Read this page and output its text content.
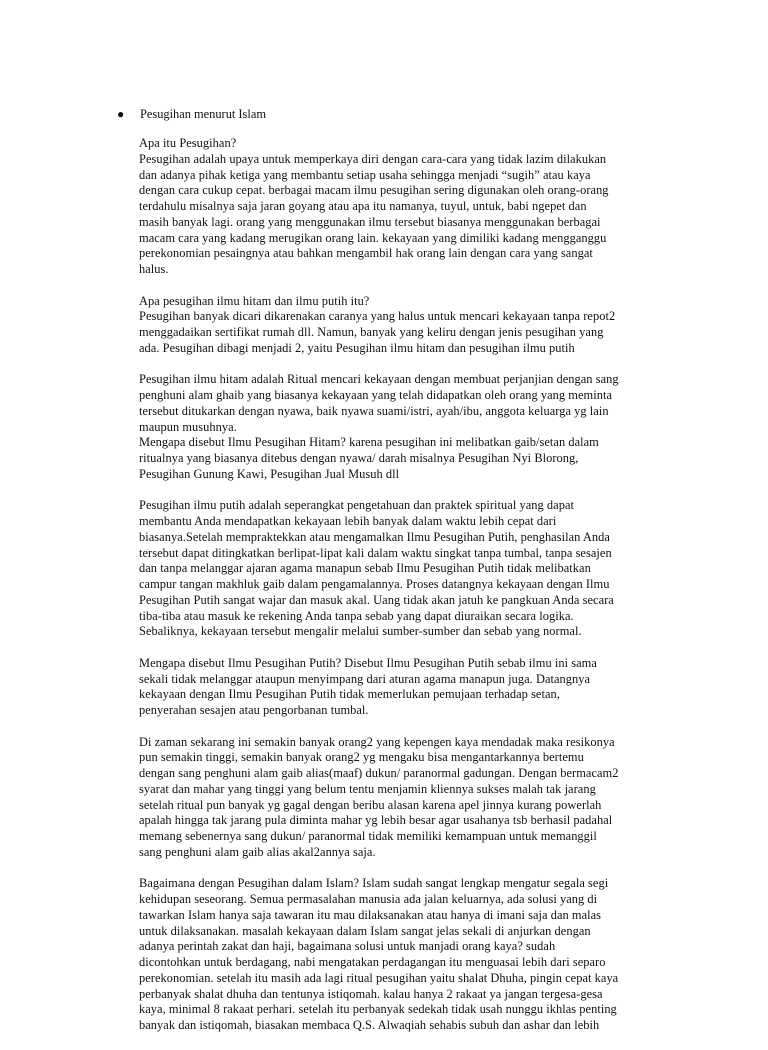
● Pesugihan menurut Islam
Apa itu Pesugihan?
Pesugihan adalah upaya untuk memperkaya diri dengan cara-cara yang tidak lazim dilakukan
dan adanya pihak ketiga yang membantu setiap usaha sehingga menjadi “sugih” atau kaya
dengan cara cukup cepat. berbagai macam ilmu pesugihan sering digunakan oleh orang-orang
terdahulu misalnya saja jaran goyang atau apa itu namanya, tuyul, untuk, babi ngepet dan
masih banyak lagi. orang yang menggunakan ilmu tersebut biasanya menggunakan berbagai
macam cara yang kadang merugikan orang lain. kekayaan yang dimiliki kadang mengganggu
perekonomian pesaingnya atau bahkan mengambil hak orang lain dengan cara yang sangat
halus.
Apa pesugihan ilmu hitam dan ilmu putih itu?
Pesugihan banyak dicari dikarenakan caranya yang halus untuk mencari kekayaan tanpa repot2
menggadaikan sertifikat rumah dll. Namun, banyak yang keliru dengan jenis pesugihan yang
ada. Pesugihan dibagi menjadi 2, yaitu Pesugihan ilmu hitam dan pesugihan ilmu putih
Pesugihan ilmu hitam adalah Ritual mencari kekayaan dengan membuat perjanjian dengan sang
penghuni alam ghaib yang biasanya kekayaan yang telah didapatkan oleh orang yang meminta
tersebut ditukarkan dengan nyawa, baik nyawa suami/istri, ayah/ibu, anggota keluarga yg lain
maupun musuhnya.
Mengapa disebut Ilmu Pesugihan Hitam? karena pesugihan ini melibatkan gaib/setan dalam
ritualnya yang biasanya ditebus dengan nyawa/ darah misalnya Pesugihan Nyi Blorong,
Pesugihan Gunung Kawi, Pesugihan Jual Musuh dll
Pesugihan ilmu putih adalah seperangkat pengetahuan dan praktek spiritual yang dapat
membantu Anda mendapatkan kekayaan lebih banyak dalam waktu lebih cepat dari
biasanya.Setelah mempraktekkan atau mengamalkan Ilmu Pesugihan Putih, penghasilan Anda
tersebut dapat ditingkatkan berlipat-lipat kali dalam waktu singkat tanpa tumbal, tanpa sesajen
dan tanpa melanggar ajaran agama manapun sebab Ilmu Pesugihan Putih tidak melibatkan
campur tangan makhluk gaib dalam pengamalannya. Proses datangnya kekayaan dengan Ilmu
Pesugihan Putih sangat wajar dan masuk akal. Uang tidak akan jatuh ke pangkuan Anda secara
tiba-tiba atau masuk ke rekening Anda tanpa sebab yang dapat diuraikan secara logika.
Sebaliknya, kekayaan tersebut mengalir melalui sumber-sumber dan sebab yang normal.
Mengapa disebut Ilmu Pesugihan Putih? Disebut Ilmu Pesugihan Putih sebab ilmu ini sama
sekali tidak melanggar ataupun menyimpang dari aturan agama manapun juga. Datangnya
kekayaan dengan Ilmu Pesugihan Putih tidak memerlukan pemujaan terhadap setan,
penyerahan sesajen atau pengorbanan tumbal.
Di zaman sekarang ini semakin banyak orang2 yang kepengen kaya mendadak maka resikonya
pun semakin tinggi, semakin banyak orang2 yg mengaku bisa mengantarkannya bertemu
dengan sang penghuni alam gaib alias(maaf) dukun/ paranormal gadungan. Dengan bermacam2
syarat dan mahar yang tinggi yang belum tentu menjamin kliennya sukses malah tak jarang
setelah ritual pun banyak yg gagal dengan beribu alasan karena apel jinnya kurang powerlah
apalah hingga tak jarang pula diminta mahar yg lebih besar agar usahanya tsb berhasil padahal
memang sebenernya sang dukun/ paranormal tidak memiliki kemampuan untuk memanggil
sang penghuni alam gaib alias akal2annya saja.
Bagaimana dengan Pesugihan dalam Islam? Islam sudah sangat lengkap mengatur segala segi
kehidupan seseorang. Semua permasalahan manusia ada jalan keluarnya, ada solusi yang di
tawarkan Islam hanya saja tawaran itu mau dilaksanakan atau hanya di imani saja dan malas
untuk dilaksanakan. masalah kekayaan dalam Islam sangat jelas sekali di anjurkan dengan
adanya perintah zakat dan haji, bagaimana solusi untuk manjadi orang kaya? sudah
dicontohkan untuk berdagang, nabi mengatakan perdagangan itu menguasai lebih dari separo
perekonomian. setelah itu masih ada lagi ritual pesugihan yaitu shalat Dhuha, pingin cepat kaya
perbanyak shalat dhuha dan tentunya istiqomah. kalau hanya 2 rakaat ya jangan tergesa-gesa
kaya, minimal 8 rakaat perhari. setelah itu perbanyak sedekah tidak usah nunggu ikhlas penting
banyak dan istiqomah, biasakan membaca Q.S. Alwaqiah sehabis subuh dan ashar dan lebih
